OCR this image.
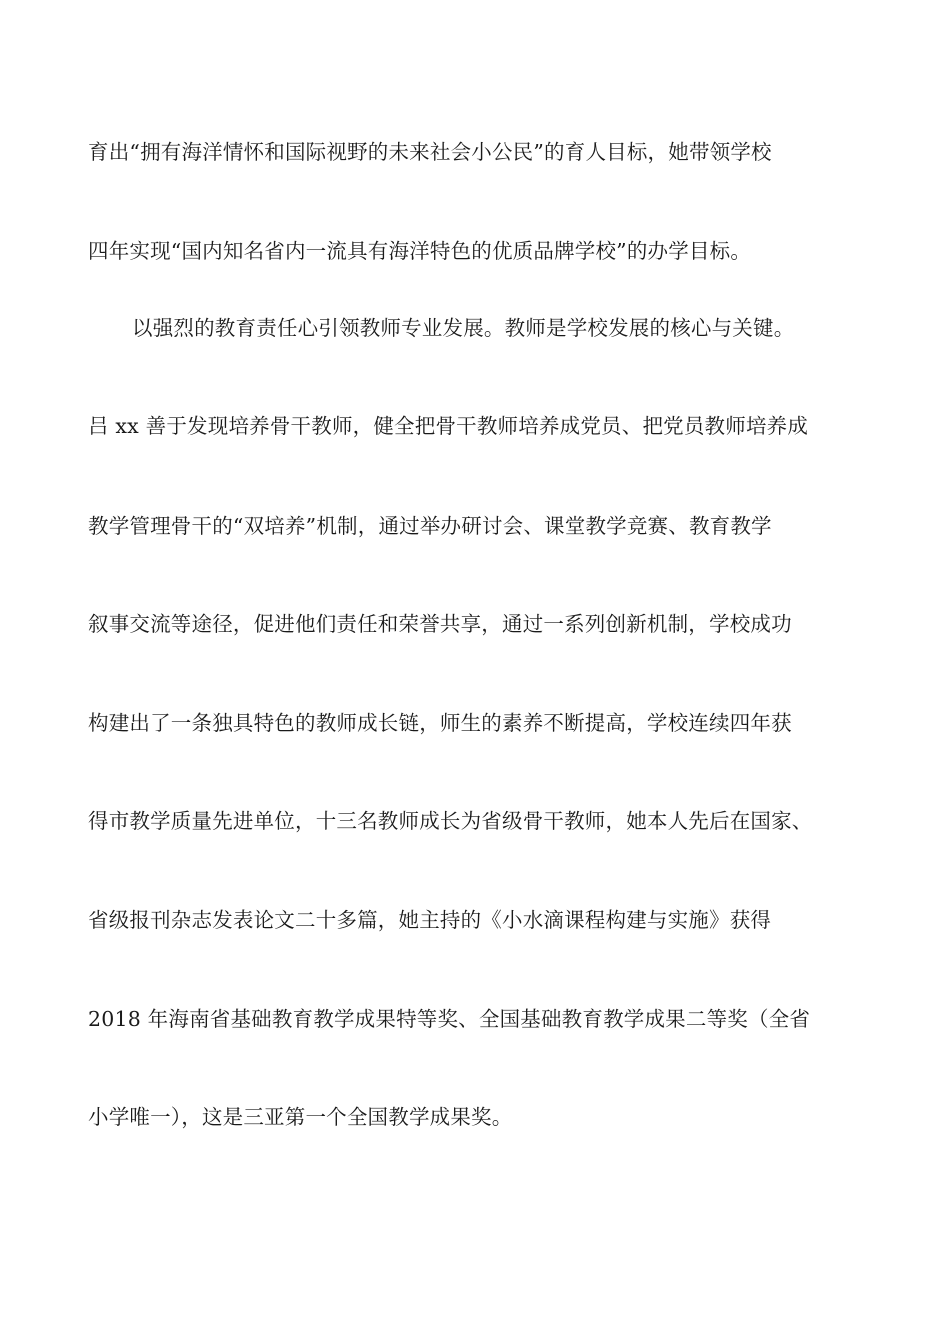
育出“拥有海洋情怀和国际视野的未来社会小公民”的育人目标，她带领学校
四年实现“国内知名省内一流具有海洋特色的优质品牌学校”的办学目标。
以强烈的教育责任心引领教师专业发展。教师是学校发展的核心与关键。
吕 xx 善于发现培养骨干教师，健全把骨干教师培养成党员、把党员教师培养成
教学管理骨干的“双培养”机制，通过举办研讨会、课堂教学竞赛、教育教学
叙事交流等途径，促进他们责任和荣誉共享，通过一系列创新机制，学校成功
构建出了一条独具特色的教师成长链，师生的素养不断提高，学校连续四年获
得市教学质量先进单位，十三名教师成长为省级骨干教师，她本人先后在国家、
省级报刊杂志发表论文二十多篇，她主持的《小水滴课程构建与实施》获得
2018 年海南省基础教育教学成果特等奖、全国基础教育教学成果二等奖（全省
小学唯一），这是三亚第一个全国教学成果奖。
